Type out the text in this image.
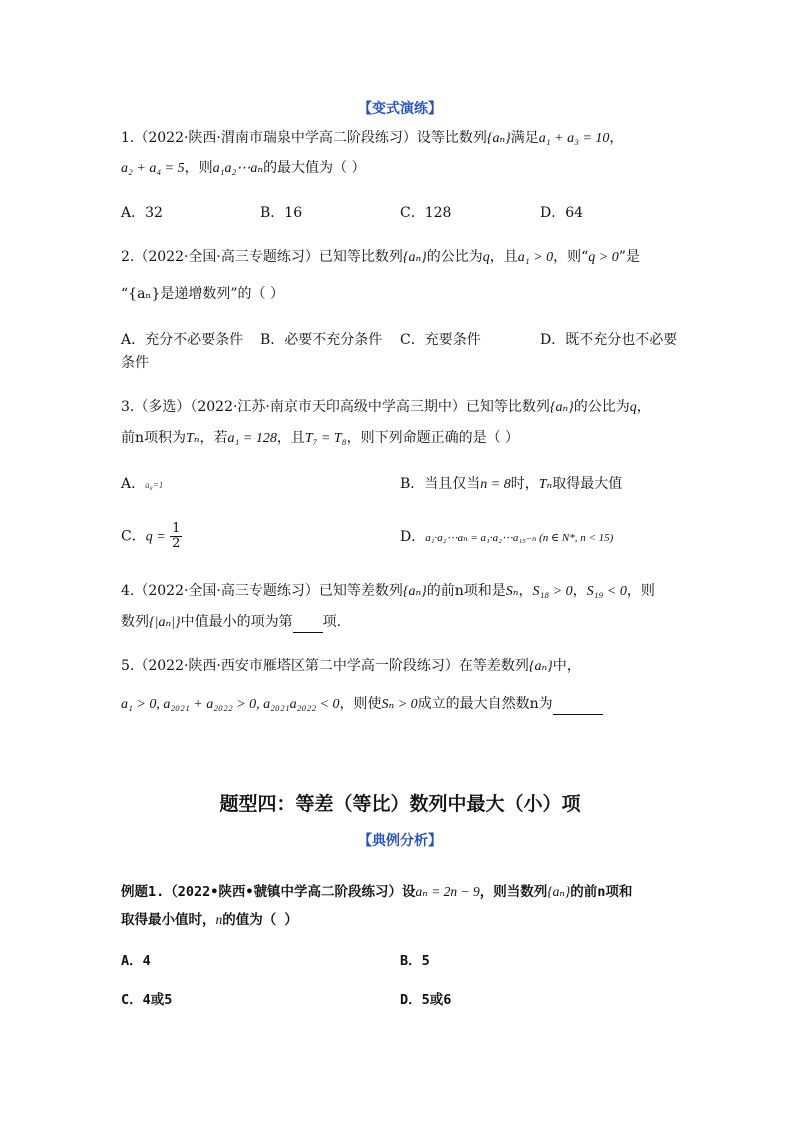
【变式演练】
1.（2022·陕西·渭南市瑞泉中学高二阶段练习）设等比数列{aₙ}满足a₁ + a₃ = 10，
a₂ + a₄ = 5，则a₁a₂⋯aₙ的最大值为（ ）
A．32	B．16	C．128	D．64
2.（2022·全国·高三专题练习）已知等比数列{aₙ}的公比为q，且a₁ > 0，则“q > 0”是
“{aₙ}是递增数列”的（ ）
A．充分不必要条件 B．必要不充分条件 C．充要条件	D．既不充分也不必要
条件
3.（多选）（2022·江苏·南京市天印高级中学高三期中）已知等比数列{aₙ}的公比为q，
前n项积为Tₙ，若a₁ = 128，且T₇ = T₈，则下列命题正确的是（ ）
A．a₈=1	B．当且仅当n = 8时，Tₙ取得最大值
C．$q = \frac{1}{2}$	D．a₁·a₂⋯aₙ = a₁·a₂⋯a₁₅₋ₙ (n ∈ N*, n < 15)
4.（2022·全国·高三专题练习）已知等差数列{aₙ}的前n项和是Sₙ，S₁₈ > 0，S₁₉ < 0，则
数列{|aₙ|}中值最小的项为第 项.
5.（2022·陕西·西安市雁塔区第二中学高一阶段练习）在等差数列{aₙ}中，
a₁ > 0, a₂₀₂₁ + a₂₀₂₂ > 0, a₂₀₂₁a₂₀₂₂ < 0，则使Sₙ > 0成立的最大自然数n为
题型四：等差（等比）数列中最大（小）项
【典例分析】
例题1.（2022•陕西•虢镇中学高二阶段练习）设aₙ = 2n − 9，则当数列{aₙ}的前n项和
取得最小值时，n的值为（ ）
A．4	B．5
C．4或5	D．5或6
